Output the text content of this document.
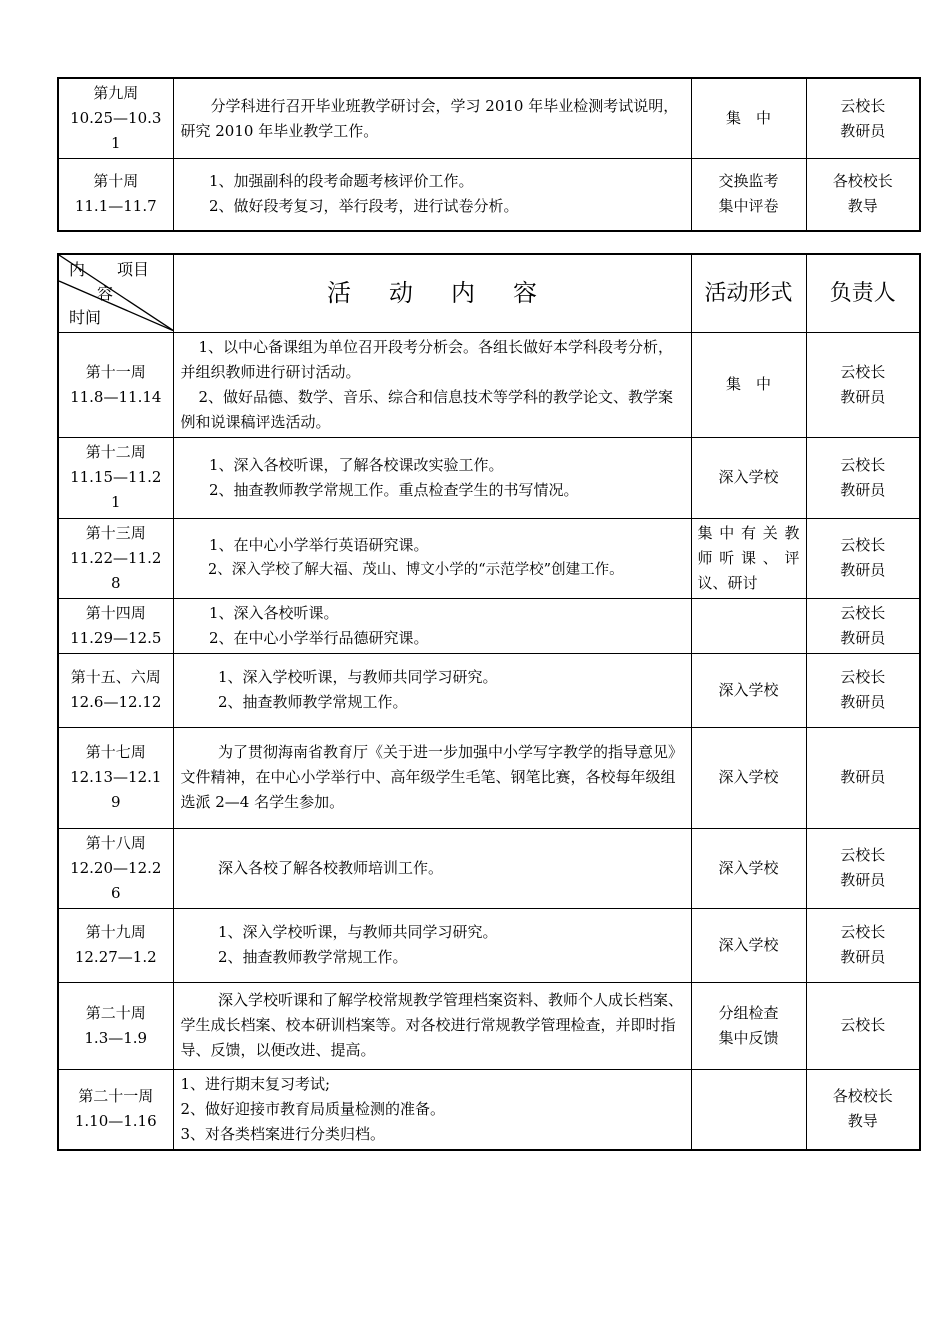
第九周
10.25—10.3
1	分学科进行召开毕业班教学研讨会，学习 2010 年毕业检测考试说明，研究 2010 年毕业教学工作。	集　中	云校长
教研员

第十周
11.1—11.7	1、加强副科的段考命题考核评价工作。
2、做好段考复习，举行段考，进行试卷分析。	交换监考
集中评卷	各校校长
教导
内 项目
容
时间	活动内容	活动形式	负责人

第十一周
11.8—11.14	1、以中心备课组为单位召开段考分析会。各组长做好本学科段考分析，并组织教师进行研讨活动。
2、做好品德、数学、音乐、综合和信息技术等学科的教学论文、教学案例和说课稿评选活动。	集　中	云校长
教研员

第十二周
11.15—11.2
1	1、深入各校听课，了解各校课改实验工作。
2、抽查教师教学常规工作。重点检查学生的书写情况。	深入学校	云校长
教研员

第十三周
11.22—11.2
8	1、在中心小学举行英语研究课。
2、深入学校了解大福、茂山、博文小学的“示范学校”创建工作。	集中有关教
师听课、评
议、研讨	云校长
教研员

第十四周
11.29—12.5	1、深入各校听课。
2、在中心小学举行品德研究课。		云校长
教研员

第十五、六周
12.6—12.12	1、深入学校听课，与教师共同学习研究。
2、抽查教师教学常规工作。	深入学校	云校长
教研员

第十七周
12.13—12.1
9	为了贯彻海南省教育厅《关于进一步加强中小学写字教学的指导意见》文件精神，在中心小学举行中、高年级学生毛笔、钢笔比赛，各校每年级组选派 2—4 名学生参加。	深入学校	教研员

第十八周
12.20—12.2
6	深入各校了解各校教师培训工作。	深入学校	云校长
教研员

第十九周
12.27—1.2	1、深入学校听课，与教师共同学习研究。
2、抽查教师教学常规工作。	深入学校	云校长
教研员

第二十周
1.3—1.9	深入学校听课和了解学校常规教学管理档案资料、教师个人成长档案、学生成长档案、校本研训档案等。对各校进行常规教学管理检查，并即时指导、反馈，以便改进、提高。	分组检查
集中反馈	云校长

第二十一周
1.10—1.16	1、进行期末复习考试;
2、做好迎接市教育局质量检测的准备。
3、对各类档案进行分类归档。		各校校长
教导
